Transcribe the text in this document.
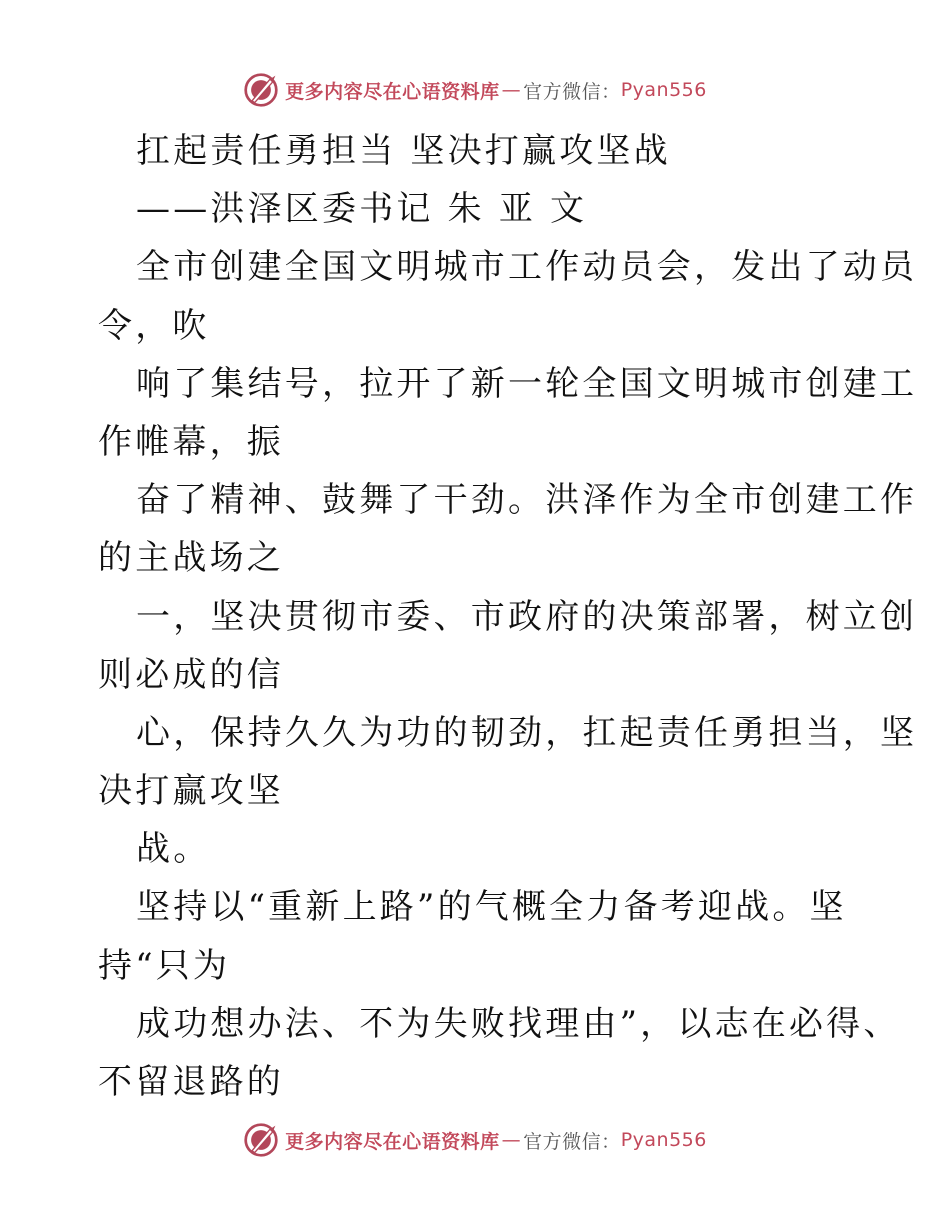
更多内容尽在心语资料库 — 官方微信： Pyan556
扛起责任勇担当 坚决打赢攻坚战
——洪泽区委书记 朱 亚 文
全市创建全国文明城市工作动员会，发出了动员
令，吹
响了集结号，拉开了新一轮全国文明城市创建工
作帷幕，振
奋了精神、鼓舞了干劲。洪泽作为全市创建工作
的主战场之
一，坚决贯彻市委、市政府的决策部署，树立创
则必成的信
心，保持久久为功的韧劲，扛起责任勇担当，坚
决打赢攻坚
战。
坚持以“重新上路”的气概全力备考迎战。坚
持“只为
成功想办法、不为失败找理由”，以志在必得、
不留退路的
更多内容尽在心语资料库 — 官方微信： Pyan556
